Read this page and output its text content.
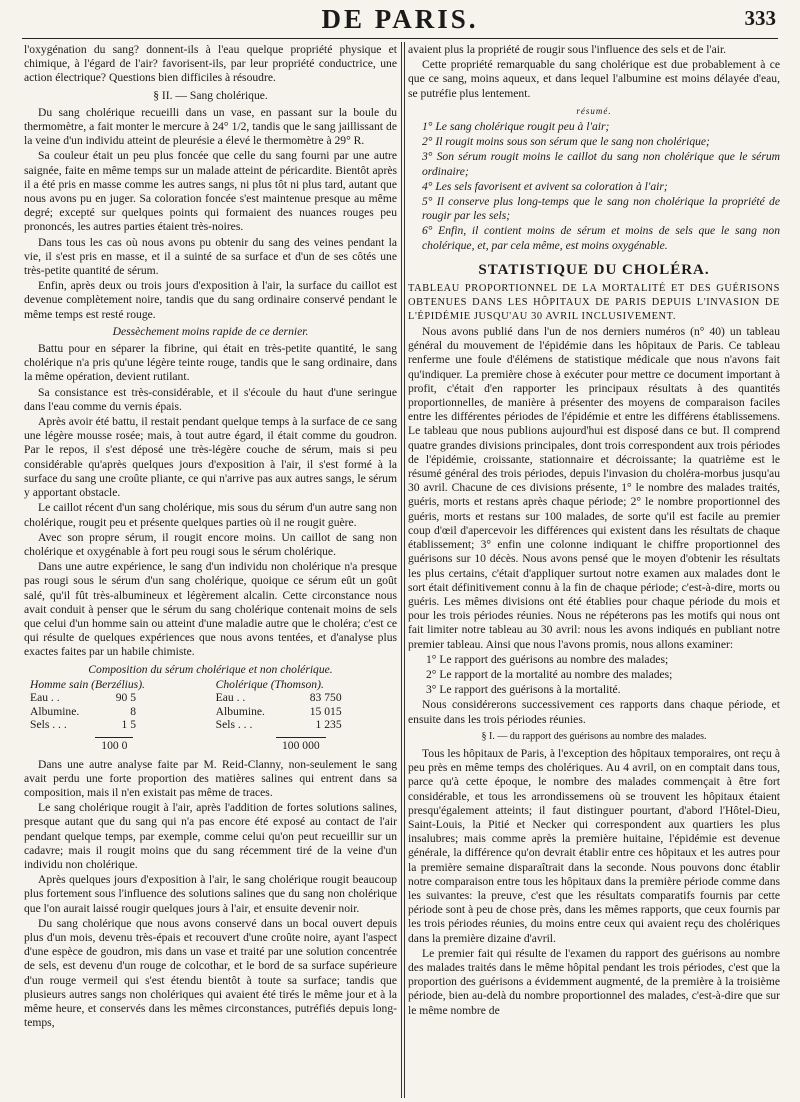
DE PARIS.	333

l'oxygénation du sang? donnent-ils à l'eau quelque propriété physique et chimique, à l'égard de l'air? favorisent-ils, par leur propriété conductrice, une action électrique? Questions bien difficiles à résoudre.

§ II. — Sang cholérique.

Du sang cholérique recueilli dans un vase, en passant sur la boule du thermomètre, a fait monter le mercure à 24° 1/2, tandis que le sang jaillissant de la veine d'un individu atteint de pleurésie a élevé le thermomètre à 29° R.

Sa couleur était un peu plus foncée que celle du sang fourni par une autre saignée, faite en même temps sur un malade atteint de péricardite. Bientôt après il a été pris en masse comme les autres sangs, ni plus tôt ni plus tard, autant que nous avons pu en juger. Sa coloration foncée s'est maintenue presque au même degré; excepté sur quelques points qui formaient des nuances rouges peu prononcés, les autres parties étaient très-noires.

Dans tous les cas où nous avons pu obtenir du sang des veines pendant la vie, il s'est pris en masse, et il a suinté de sa surface et d'un de ses côtés une très-petite quantité de sérum.

Enfin, après deux ou trois jours d'exposition à l'air, la surface du caillot est devenue complètement noire, tandis que du sang ordinaire conservé pendant le même temps est resté rouge.

Dessèchement moins rapide de ce dernier.

Battu pour en séparer la fibrine, qui était en très-petite quantité, le sang cholérique n'a pris qu'une légère teinte rouge, tandis que le sang ordinaire, dans la même opération, devient rutilant.

Sa consistance est très-considérable, et il s'écoule du haut d'une seringue dans l'eau comme du vernis épais.

Après avoir été battu, il restait pendant quelque temps à la surface de ce sang une légère mousse rosée; mais, à tout autre égard, il était comme du goudron. Par le repos, il s'est déposé une très-légère couche de sérum, mais si peu considérable qu'après quelques jours d'exposition à l'air, il s'est formé à la surface du sang une croûte pliante, ce qui n'arrive pas aux autres sangs, le sérum y apportant obstacle.

Le caillot récent d'un sang cholérique, mis sous du sérum d'un autre sang non cholérique, rougit peu et présente quelques parties où il ne rougit guère.

Avec son propre sérum, il rougit encore moins. Un caillot de sang non cholérique et oxygénable à fort peu rougi sous le sérum cholérique.

Dans une autre expérience, le sang d'un individu non cholérique n'a presque pas rougi sous le sérum d'un sang cholérique, quoique ce sérum eût un goût salé, qu'il fût très-albumineux et légèrement alcalin. Cette circonstance nous avait conduit à penser que le sérum du sang cholérique contenait moins de sels que celui d'un homme sain ou atteint d'une maladie autre que le choléra; c'est ce qui résulte de quelques expériences que nous avons tentées, et d'analyse plus exactes faites par un habile chimiste.

Composition du sérum cholérique et non cholérique.
Homme sain (Berzélius).
Eau . .	90 5
Albumine.	8
Sels . . .	1 5
Cholérique (Thomson).
Eau . .	83 750
Albumine.	15 015
Sels . . .	1 235
100 0	100 000

Dans une autre analyse faite par M. Reid-Clanny, non-seulement le sang avait perdu une forte proportion des matières salines qui entrent dans sa composition, mais il n'en existait pas même de traces.

Le sang cholérique rougit à l'air, après l'addition de fortes solutions salines, presque autant que du sang qui n'a pas encore été exposé au contact de l'air pendant quelque temps, par exemple, comme celui qu'on peut recueillir sur un cadavre; mais il rougit moins que du sang récemment tiré de la veine d'un individu non cholérique.

Après quelques jours d'exposition à l'air, le sang cholérique rougit beaucoup plus fortement sous l'influence des solutions salines que du sang non cholérique que l'on aurait laissé rougir quelques jours à l'air, et ensuite devenir noir.

Du sang cholérique que nous avons conservé dans un bocal ouvert depuis plus d'un mois, devenu très-épais et recouvert d'une croûte noire, ayant l'aspect d'une espèce de goudron, mis dans un vase et traité par une solution concentrée de sels, est devenu d'un rouge de colcothar, et le bord de sa surface supérieure d'un rouge vermeil qui s'est étendu bientôt à toute sa surface; tandis que plusieurs autres sangs non cholériques qui avaient été tirés le même jour et à la même heure, et conservés dans les mêmes circonstances, putréfiés depuis long-temps,

avaient plus la propriété de rougir sous l'influence des sels et de l'air.

Cette propriété remarquable du sang cholérique est due probablement à ce que ce sang, moins aqueux, et dans lequel l'albumine est moins délayée d'eau, se putréfie plus lentement.

résumé.

1° Le sang cholérique rougit peu à l'air;

2° Il rougit moins sous son sérum que le sang non cholérique;

3° Son sérum rougit moins le caillot du sang non cholérique que le sérum ordinaire;

4° Les sels favorisent et avivent sa coloration à l'air;

5° Il conserve plus long-temps que le sang non cholérique la propriété de rougir par les sels;

6° Enfin, il contient moins de sérum et moins de sels que le sang non cholérique, et, par cela même, est moins oxygénable.

STATISTIQUE DU CHOLÉRA.

TABLEAU PROPORTIONNEL DE LA MORTALITÉ ET DES GUÉRISONS OBTENUES DANS LES HÔPITAUX DE PARIS DEPUIS L'INVASION DE L'ÉPIDÉMIE JUSQU'AU 30 AVRIL INCLUSIVEMENT.

Nous avons publié dans l'un de nos derniers numéros (n° 40) un tableau général du mouvement de l'épidémie dans les hôpitaux de Paris. Ce tableau renferme une foule d'élémens de statistique médicale que nous n'avons fait qu'indiquer. La première chose à exécuter pour mettre ce document important à profit, c'était d'en rapporter les principaux résultats à des quantités proportionnelles, de manière à présenter des moyens de comparaison faciles entre les différentes périodes de l'épidémie et entre les différens établissemens. Le tableau que nous publions aujourd'hui est disposé dans ce but. Il comprend quatre grandes divisions principales, dont trois correspondent aux trois périodes de l'épidémie, croissante, stationnaire et décroissante; la quatrième est le résumé général des trois périodes, depuis l'invasion du choléra-morbus jusqu'au 30 avril. Chacune de ces divisions présente, 1° le nombre des malades traités, guéris, morts et restans après chaque période; 2° le nombre proportionnel des guéris, morts et restans sur 100 malades, de sorte qu'il est facile au premier coup d'œil d'apercevoir les différences qui existent dans les résultats de chaque établissement; 3° enfin une colonne indiquant le chiffre proportionnel des guérisons sur 10 décès. Nous avons pensé que le moyen d'obtenir les résultats les plus certains, c'était d'appliquer surtout notre examen aux malades dont le sort était définitivement connu à la fin de chaque période; c'est-à-dire, morts ou guéris. Les mêmes divisions ont été établies pour chaque période du mois et pour les trois périodes réunies. Nous ne répéterons pas les motifs qui nous ont fait limiter notre tableau au 30 avril: nous les avons indiqués en publiant notre premier tableau. Ainsi que nous l'avons promis, nous allons examiner:

1° Le rapport des guérisons au nombre des malades;

2° Le rapport de la mortalité au nombre des malades;

3° Le rapport des guérisons à la mortalité.

Nous considérerons successivement ces rapports dans chaque période, et ensuite dans les trois périodes réunies.

§ I. — du rapport des guérisons au nombre des malades.

Tous les hôpitaux de Paris, à l'exception des hôpitaux temporaires, ont reçu à peu près en même temps des cholériques. Au 4 avril, on en comptait dans tous, parce qu'à cette époque, le nombre des malades commençait à être fort considérable, et tous les arrondissemens où se trouvent les hôpitaux étaient presqu'également atteints; il faut distinguer pourtant, d'abord l'Hôtel-Dieu, Saint-Louis, la Pitié et Necker qui correspondent aux quartiers les plus insalubres; mais comme après la première huitaine, l'épidémie est devenue générale, la différence qu'on devrait établir entre ces hôpitaux et les autres pour la première semaine disparaîtrait dans la seconde. Nous pouvons donc établir notre comparaison entre tous les hôpitaux dans la première période comme dans les suivantes: la preuve, c'est que les résultats comparatifs fournis par cette période sont à peu de chose près, dans les mêmes rapports, que ceux fournis par les trois périodes réunies, du moins entre ceux qui avaient reçu des cholériques dans la première dizaine d'avril.

Le premier fait qui résulte de l'examen du rapport des guérisons au nombre des malades traités dans le même hôpital pendant les trois périodes, c'est que la proportion des guérisons a évidemment augmenté, de la première à la troisième période, bien au-delà du nombre proportionnel des malades, c'est-à-dire que sur le même nombre de
